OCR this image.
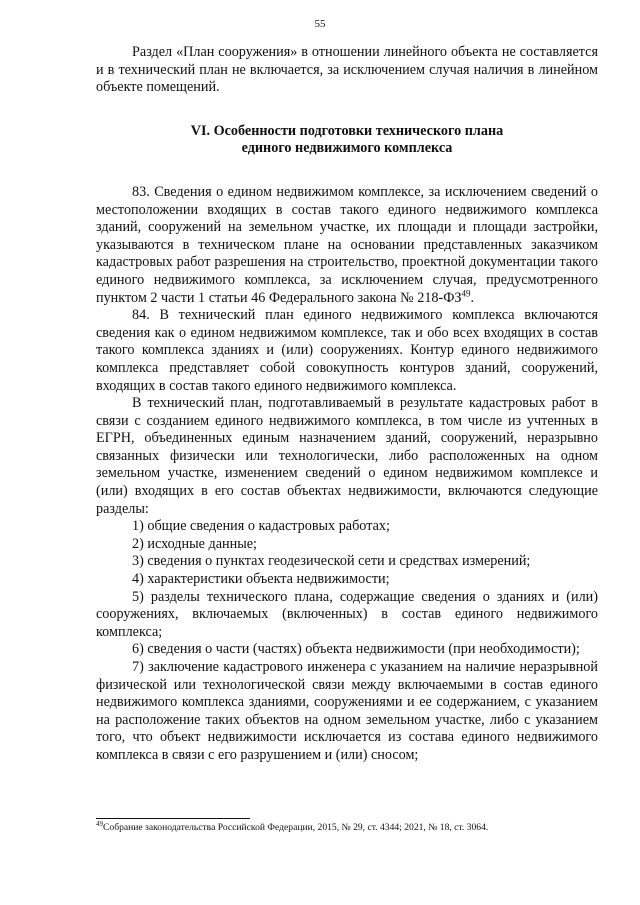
55

Раздел «План сооружения» в отношении линейного объекта не составляется и в технический план не включается, за исключением случая наличия в линейном объекте помещений.

VI. Особенности подготовки технического плана
единого недвижимого комплекса

83. Сведения о едином недвижимом комплексе, за исключением сведений о местоположении входящих в состав такого единого недвижимого комплекса зданий, сооружений на земельном участке, их площади и площади застройки, указываются в техническом плане на основании представленных заказчиком кадастровых работ разрешения на строительство, проектной документации такого единого недвижимого комплекса, за исключением случая, предусмотренного пунктом 2 части 1 статьи 46 Федерального закона № 218-ФЗ$^{49}$.

84. В технический план единого недвижимого комплекса включаются сведения как о едином недвижимом комплексе, так и обо всех входящих в состав такого комплекса зданиях и (или) сооружениях. Контур единого недвижимого комплекса представляет собой совокупность контуров зданий, сооружений, входящих в состав такого единого недвижимого комплекса.

В технический план, подготавливаемый в результате кадастровых работ в связи с созданием единого недвижимого комплекса, в том числе из учтенных в ЕГРН, объединенных единым назначением зданий, сооружений, неразрывно связанных физически или технологически, либо расположенных на одном земельном участке, изменением сведений о едином недвижимом комплексе и (или) входящих в его состав объектах недвижимости, включаются следующие разделы:

1) общие сведения о кадастровых работах;

2) исходные данные;

3) сведения о пунктах геодезической сети и средствах измерений;

4) характеристики объекта недвижимости;

5) разделы технического плана, содержащие сведения о зданиях и (или) сооружениях, включаемых (включенных) в состав единого недвижимого комплекса;

6) сведения о части (частях) объекта недвижимости (при необходимости);

7) заключение кадастрового инженера с указанием на наличие неразрывной физической или технологической связи между включаемыми в состав единого недвижимого комплекса зданиями, сооружениями и ее содержанием, с указанием на расположение таких объектов на одном земельном участке, либо с указанием того, что объект недвижимости исключается из состава единого недвижимого комплекса в связи с его разрушением и (или) сносом;

$^{49}$Собрание законодательства Российской Федерации, 2015, № 29, ст. 4344; 2021, № 18, ст. 3064.
